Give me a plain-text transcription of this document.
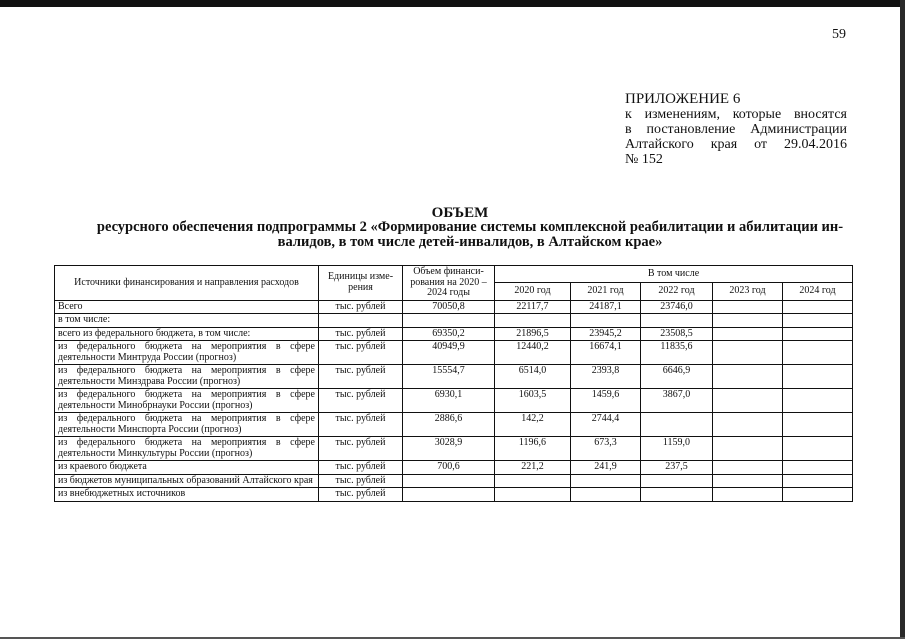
59
ПРИЛОЖЕНИЕ 6
к изменениям, которые вносятся
в постановление Администрации
Алтайского края от 29.04.2016
№ 152
ОБЪЕМ
ресурсного обеспечения подпрограммы 2 «Формирование системы комплексной реабилитации и абилитации ин-
валидов, в том числе детей-инвалидов, в Алтайском крае»
Источники финансирования и направления расходов	Единицы изме-рения	Объем финанси-рования на 2020 – 2024 годы	В том числе				
			2020 год	2021 год	2022 год	2023 год	2024 год
Всего	тыс. рублей	70050,8	22117,7	24187,1	23746,0		
в том числе:							
всего из федерального бюджета, в том числе:	тыс. рублей	69350,2	21896,5	23945,2	23508,5		
из федерального бюджета на мероприятия в сфере деятельности Минтруда России (прогноз)	тыс. рублей	40949,9	12440,2	16674,1	11835,6		
из федерального бюджета на мероприятия в сфере деятельности Минздрава России (прогноз)	тыс. рублей	15554,7	6514,0	2393,8	6646,9		
из федерального бюджета на мероприятия в сфере деятельности Минобрнауки России (прогноз)	тыс. рублей	6930,1	1603,5	1459,6	3867,0		
из федерального бюджета на мероприятия в сфере деятельности Минспорта России (прогноз)	тыс. рублей	2886,6	142,2	2744,4			
из федерального бюджета на мероприятия в сфере деятельности Минкультуры России (прогноз)	тыс. рублей	3028,9	1196,6	673,3	1159,0		
из краевого бюджета	тыс. рублей	700,6	221,2	241,9	237,5		
из бюджетов муниципальных образований Алтайского края	тыс. рублей						
из внебюджетных источников	тыс. рублей						
